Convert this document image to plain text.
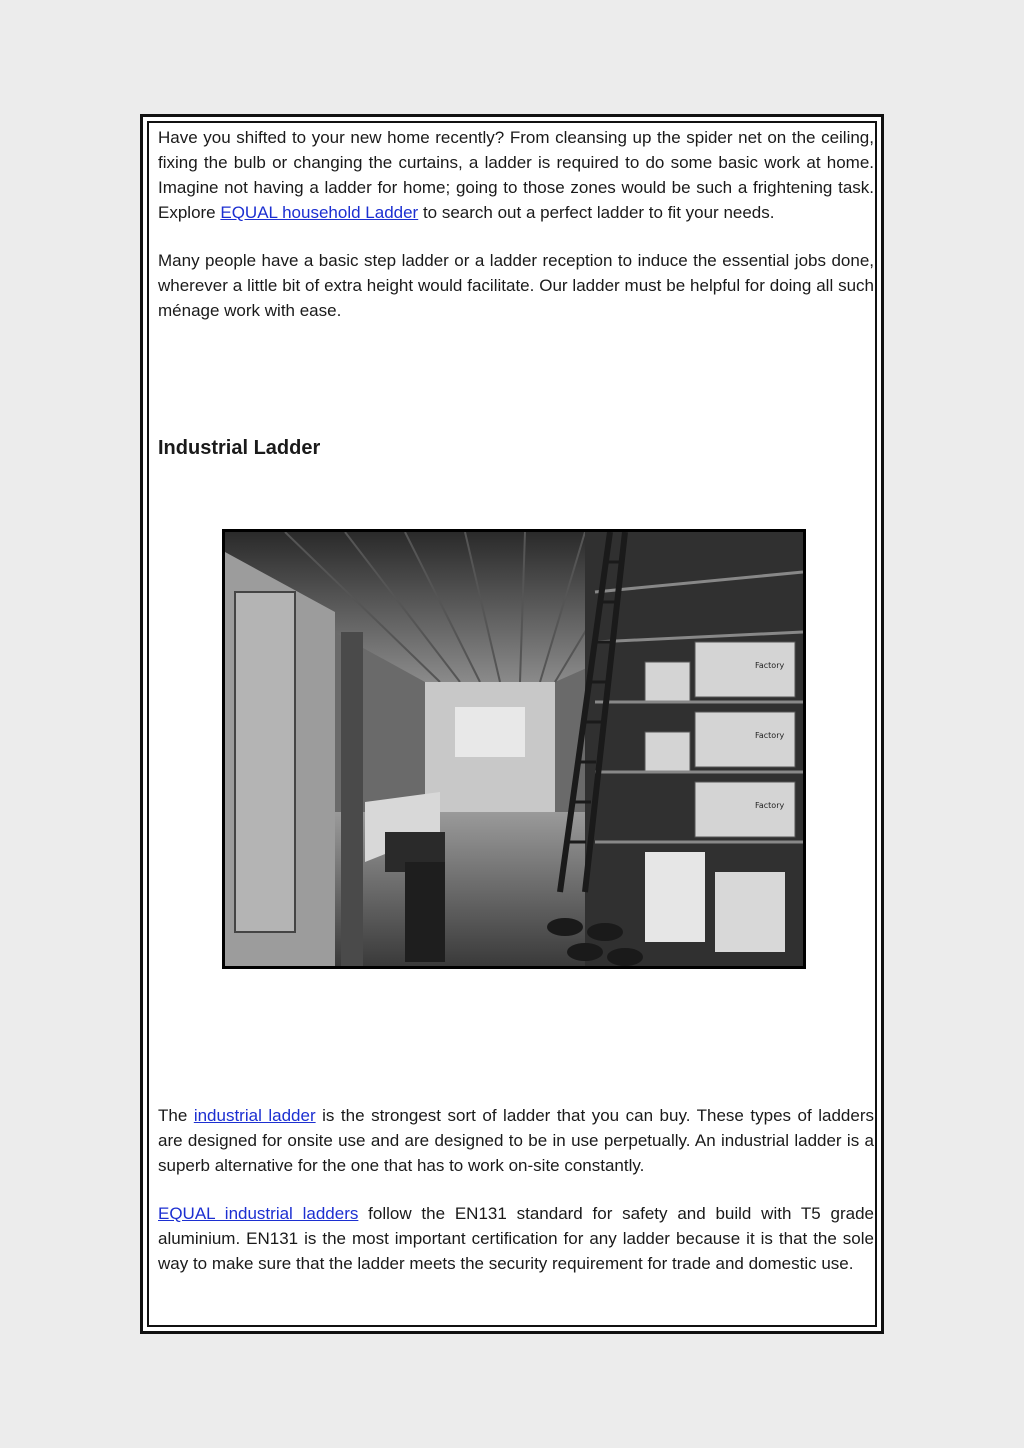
Have you shifted to your new home recently? From cleansing up the spider net on the ceiling, fixing the bulb or changing the curtains, a ladder is required to do some basic work at home. Imagine not having a ladder for home; going to those zones would be such a frightening task. Explore EQUAL household Ladder to search out a perfect ladder to fit your needs.

Many people have a basic step ladder or a ladder reception to induce the essential jobs done, wherever a little bit of extra height would facilitate. Our ladder must be helpful for doing all such ménage work with ease.

Industrial Ladder
Factory
Factory
Factory

The industrial ladder is the strongest sort of ladder that you can buy. These types of ladders are designed for onsite use and are designed to be in use perpetually. An industrial ladder is a superb alternative for the one that has to work on-site constantly.

EQUAL industrial ladders follow the EN131 standard for safety and build with T5 grade aluminium. EN131 is the most important certification for any ladder because it is that the sole way to make sure that the ladder meets the security requirement for trade and domestic use.
